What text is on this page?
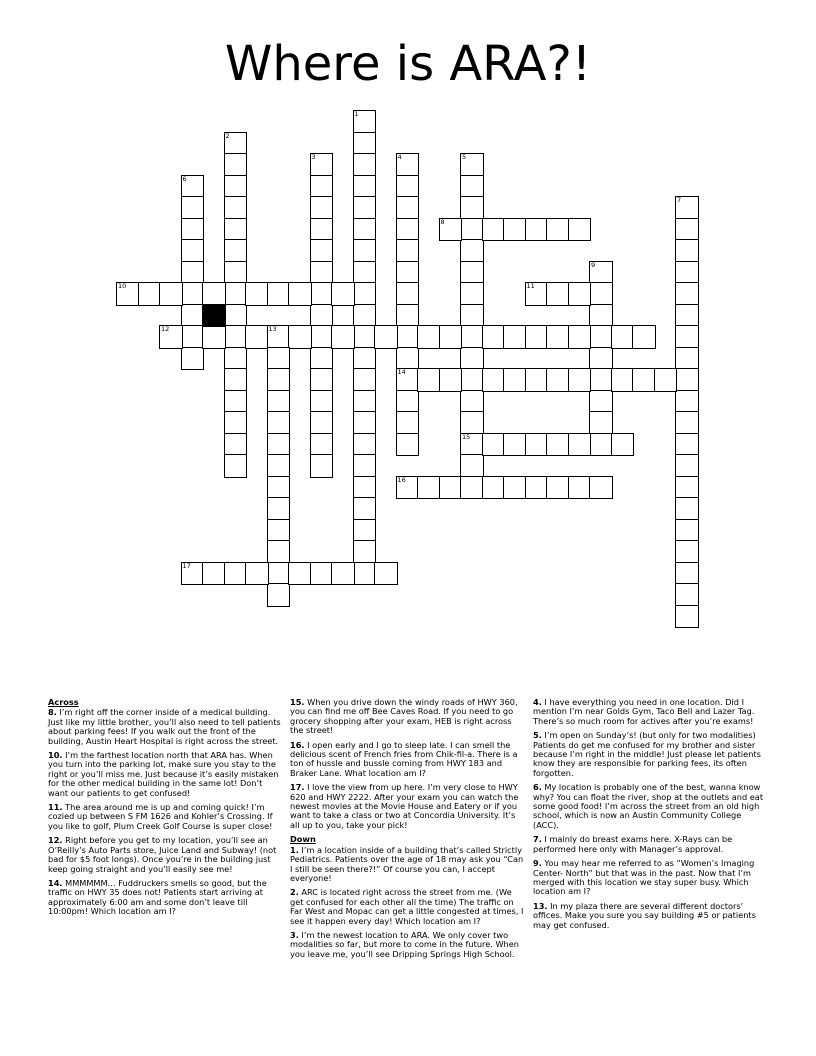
Where is ARA?!
1
2
3	4
14
5
15
6
7
8
9
10	11
12	13
16
17
Across
8. I’m right off the corner inside of a medical building. Just like my little brother, you’ll also need to tell patients about parking fees! If you walk out the front of the building, Austin Heart Hospital is right across the street.
10. I’m the farthest location north that ARA has. When you turn into the parking lot, make sure you stay to the right or you’ll miss me. Just because it’s easily mistaken for the other medical building in the same lot! Don’t want our patients to get confused!
11. The area around me is up and coming quick! I’m cozied up between S FM 1626 and Kohler’s Crossing. If you like to golf, Plum Creek Golf Course is super close!
12. Right before you get to my location, you’ll see an O’Reilly’s Auto Parts store, Juice Land and Subway! (not bad for $5 foot longs). Once you’re in the building just keep going straight and you’ll easily see me!
14. MMMMMM… Fuddruckers smells so good, but the traffic on HWY 35 does not! Patients start arriving at approximately 6:00 am and some don’t leave till 10:00pm! Which location am I?
15. When you drive down the windy roads of HWY 360, you can find me off Bee Caves Road. If you need to go grocery shopping after your exam, HEB is right across the street!
16. I open early and I go to sleep late. I can smell the delicious scent of French fries from Chik-fil-a. There is a ton of hussle and bussle coming from HWY 183 and Braker Lane. What location am I?
17. I love the view from up here. I’m very close to HWY 620 and HWY 2222. After your exam you can watch the newest movies at the Movie House and Eatery or if you want to take a class or two at Concordia University. It’s all up to you, take your pick!
Down
1. I’m a location inside of a building that’s called Strictly Pediatrics. Patients over the age of 18 may ask you “Can I still be seen there?!” Of course you can, I accept everyone!
2. ARC is located right across the street from me. (We get confused for each other all the time) The traffic on Far West and Mopac can get a little congested at times, I see it happen every day! Which location am I?
3. I’m the newest location to ARA. We only cover two modalities so far, but more to come in the future. When you leave me, you’ll see Dripping Springs High School.
4. I have everything you need in one location. Did I mention I’m near Golds Gym, Taco Bell and Lazer Tag. There’s so much room for actives after you’re exams!
5. I’m open on Sunday’s! (but only for two modalities) Patients do get me confused for my brother and sister because I’m right in the middle! Just please let patients know they are responsible for parking fees, its often forgotten.
6. My location is probably one of the best, wanna know why? You can float the river, shop at the outlets and eat some good food! I’m across the street from an old high school, which is now an Austin Community College (ACC).
7. I mainly do breast exams here. X-Rays can be performed here only with Manager’s approval.
9. You may hear me referred to as “Women’s Imaging Center- North” but that was in the past. Now that I’m merged with this location we stay super busy. Which location am I?
13. In my plaza there are several different doctors’ offices. Make you sure you say building #5 or patients may get confused.
